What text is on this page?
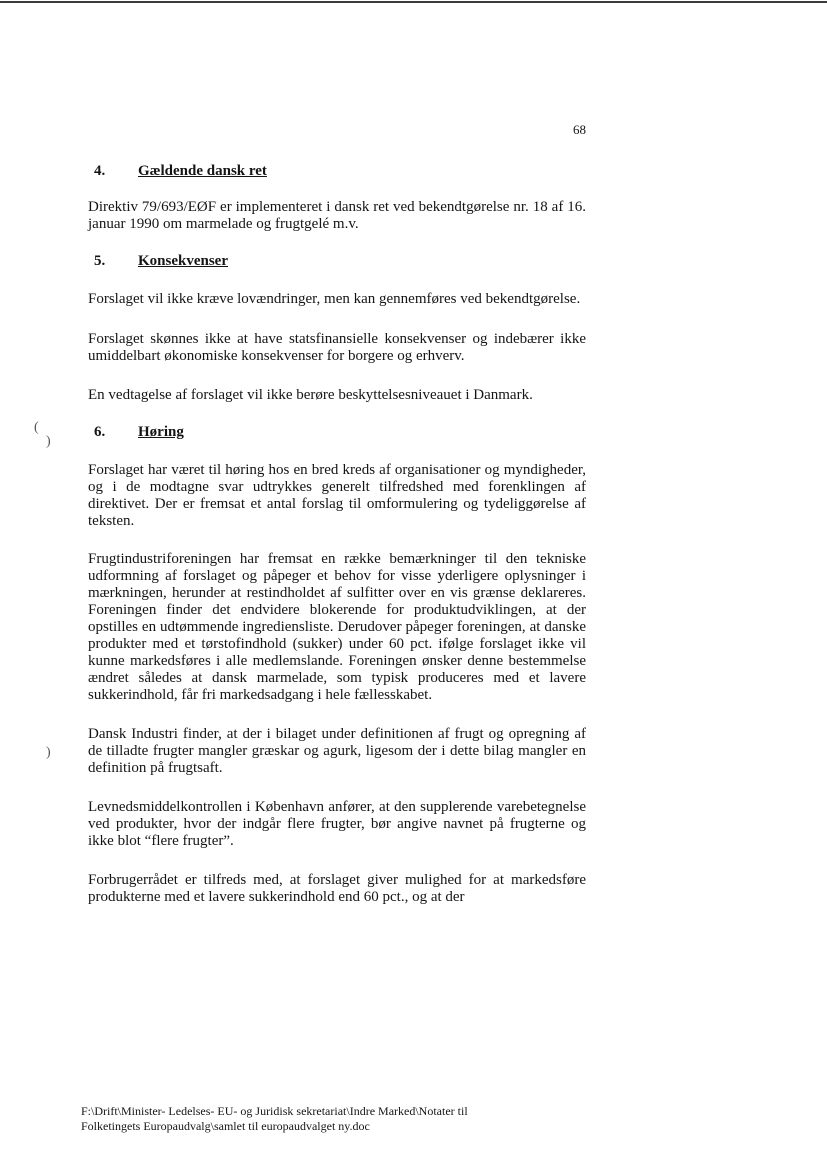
(
)
)
68
4.	Gældende dansk ret

Direktiv 79/693/EØF er implementeret i dansk ret ved bekendtgørelse nr. 18 af 16. januar 1990 om marmelade og frugtgelé m.v.

5.	Konsekvenser

Forslaget vil ikke kræve lovændringer, men kan gennemføres ved bekendtgørelse.

Forslaget skønnes ikke at have statsfinansielle konsekvenser og indebærer ikke umiddelbart økonomiske konsekvenser for borgere og erhverv.

En vedtagelse af forslaget vil ikke berøre beskyttelsesniveauet i Danmark.

6.	Høring

Forslaget har været til høring hos en bred kreds af organisationer og myndigheder, og i de modtagne svar udtrykkes generelt tilfredshed med forenklingen af direktivet. Der er fremsat et antal forslag til omformulering og tydeliggørelse af teksten.

Frugtindustriforeningen har fremsat en række bemærkninger til den tekniske udformning af forslaget og påpeger et behov for visse yderligere oplysninger i mærkningen, herunder at restindholdet af sulfitter over en vis grænse deklareres. Foreningen finder det endvidere blokerende for produktudviklingen, at der opstilles en udtømmende ingrediensliste. Derudover påpeger foreningen, at danske produkter med et tørstofindhold (sukker) under 60 pct. ifølge forslaget ikke vil kunne markedsføres i alle medlemslande. Foreningen ønsker denne bestemmelse ændret således at dansk marmelade, som typisk produceres med et lavere sukkerindhold, får fri markedsadgang i hele fællesskabet.

Dansk Industri finder, at der i bilaget under definitionen af frugt og opregning af de tilladte frugter mangler græskar og agurk, ligesom der i dette bilag mangler en definition på frugtsaft.

Levnedsmiddelkontrollen i København anfører, at den supplerende varebetegnelse ved produkter, hvor der indgår flere frugter, bør angive navnet på frugterne og ikke blot “flere frugter”.

Forbrugerrådet er tilfreds med, at forslaget giver mulighed for at markedsføre produkterne med et lavere sukkerindhold end 60 pct., og at der

F:\Drift\Minister- Ledelses- EU- og Juridisk sekretariat\Indre Marked\Notater til
Folketingets Europaudvalg\samlet til europaudvalget ny.doc
